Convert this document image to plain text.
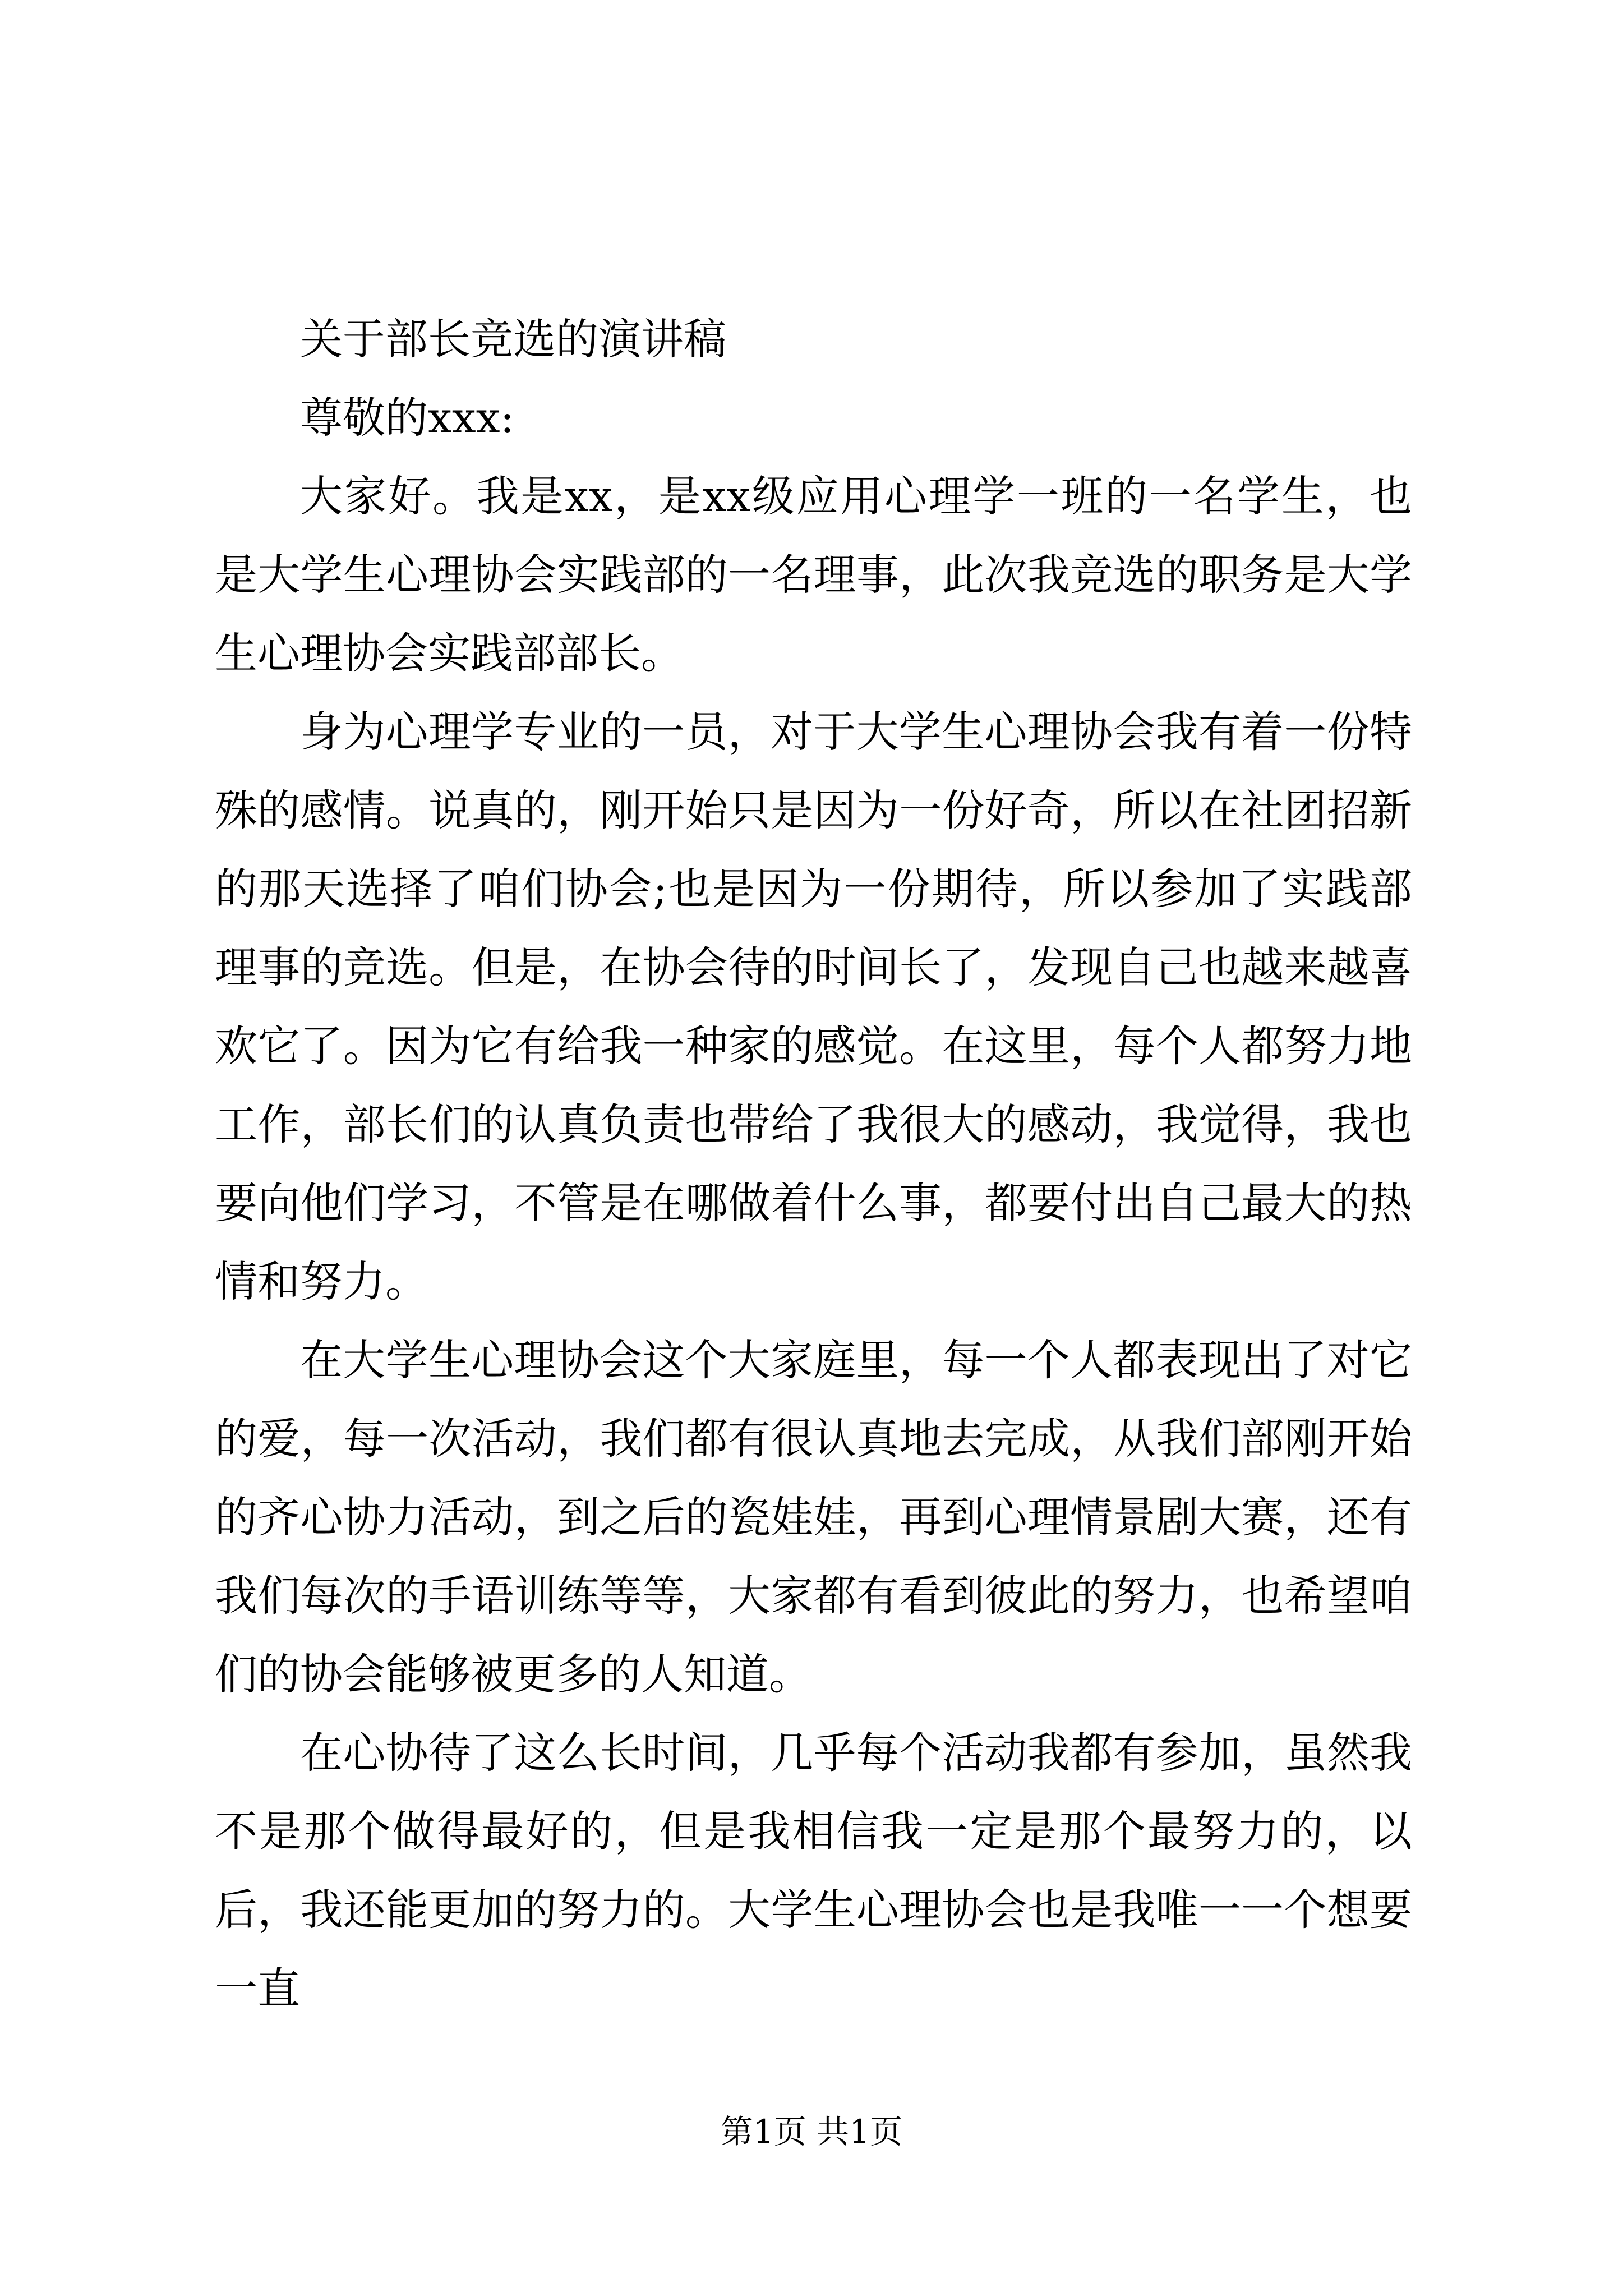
关于部长竞选的演讲稿

尊敬的xxx:

大家好。我是xx，是xx级应用心理学一班的一名学生，也是大学生心理协会实践部的一名理事，此次我竞选的职务是大学生心理协会实践部部长。

身为心理学专业的一员，对于大学生心理协会我有着一份特殊的感情。说真的，刚开始只是因为一份好奇，所以在社团招新的那天选择了咱们协会;也是因为一份期待，所以参加了实践部理事的竞选。但是，在协会待的时间长了，发现自己也越来越喜欢它了。因为它有给我一种家的感觉。在这里，每个人都努力地工作，部长们的认真负责也带给了我很大的感动，我觉得，我也要向他们学习，不管是在哪做着什么事，都要付出自己最大的热情和努力。

在大学生心理协会这个大家庭里，每一个人都表现出了对它的爱，每一次活动，我们都有很认真地去完成，从我们部刚开始的齐心协力活动，到之后的瓷娃娃，再到心理情景剧大赛，还有我们每次的手语训练等等，大家都有看到彼此的努力，也希望咱们的协会能够被更多的人知道。

在心协待了这么长时间，几乎每个活动我都有参加，虽然我不是那个做得最好的，但是我相信我一定是那个最努力的，以后，我还能更加的努力的。大学生心理协会也是我唯一一个想要一直

第1页 共1页
